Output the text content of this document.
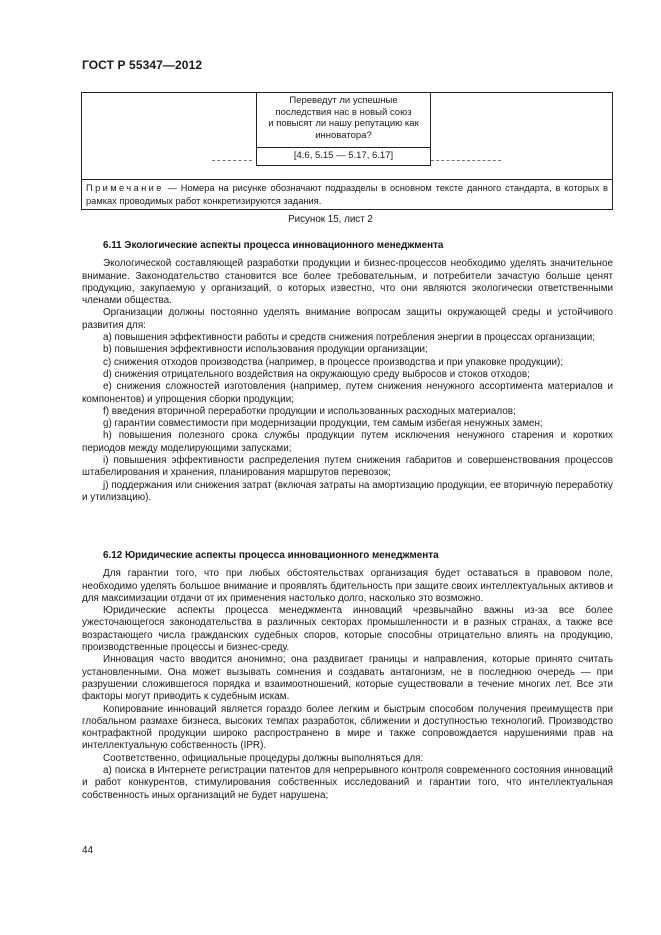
ГОСТ Р 55347—2012
Переведут ли успешные
последствия нас в новый союз
и повысят ли нашу репутацию как
инноватора?
[4.6, 5.15 — 5.17, 6.17]
Примечание — Номера на рисунке обозначают подразделы в основном тексте данного стандарта, в которых в рамках проводимых работ конкретизируются задания.
Рисунок 15, лист 2
6.11 Экологические аспекты процесса инновационного менеджмента

Экологической составляющей разработки продукции и бизнес-процессов необходимо уделять значительное внимание. Законодательство становится все более требовательным, и потребители зачастую больше ценят продукцию, закупаемую у организаций, о которых известно, что они являются экологически ответственными членами общества.

Организации должны постоянно уделять внимание вопросам защиты окружающей среды и устойчивого развития для:

a) повышения эффективности работы и средств снижения потребления энергии в процессах организации;

b) повышения эффективности использования продукции организации;

c) снижения отходов производства (например, в процессе производства и при упаковке продукции);

d) снижения отрицательного воздействия на окружающую среду выбросов и стоков отходов;

e) снижения сложностей изготовления (например, путем снижения ненужного ассортимента материалов и компонентов) и упрощения сборки продукции;

f) введения вторичной переработки продукции и использованных расходных материалов;

g) гарантии совместимости при модернизации продукции, тем самым избегая ненужных замен;

h) повышения полезного срока службы продукции путем исключения ненужного старения и коротких периодов между моделирующими запусками;

i) повышения эффективности распределения путем снижения габаритов и совершенствования процессов штабелирования и хранения, планирования маршрутов перевозок;

j) поддержания или снижения затрат (включая затраты на амортизацию продукции, ее вторичную переработку и утилизацию).

6.12 Юридические аспекты процесса инновационного менеджмента

Для гарантии того, что при любых обстоятельствах организация будет оставаться в правовом поле, необходимо уделять большое внимание и проявлять бдительность при защите своих интеллектуальных активов и для максимизации отдачи от их применения настолько долго, насколько это возможно.

Юридические аспекты процесса менеджмента инноваций чрезвычайно важны из-за все более ужесточающегося законодательства в различных секторах промышленности и в разных странах, а также все возрастающего числа гражданских судебных споров, которые способны отрицательно влиять на продукцию, производственные процессы и бизнес-среду.

Инновация часто вводится анонимно; она раздвигает границы и направления, которые принято считать установленными. Она может вызывать сомнения и создавать антагонизм, не в последнюю очередь — при разрушении сложившегося порядка и взаимоотношений, которые существовали в течение многих лет. Все эти факторы могут приводить к судебным искам.

Копирование инноваций является гораздо более легким и быстрым способом получения преимуществ при глобальном размахе бизнеса, высоких темпах разработок, сближении и доступностью технологий. Производство контрафактной продукции широко распространено в мире и также сопровождается нарушениями прав на интеллектуальную собственность (IPR).

Соответственно, официальные процедуры должны выполняться для:

a) поиска в Интернете регистрации патентов для непрерывного контроля современного состояния инноваций и работ конкурентов, стимулирования собственных исследований и гарантии того, что интеллектуальная собственность иных организаций не будет нарушена;

44
